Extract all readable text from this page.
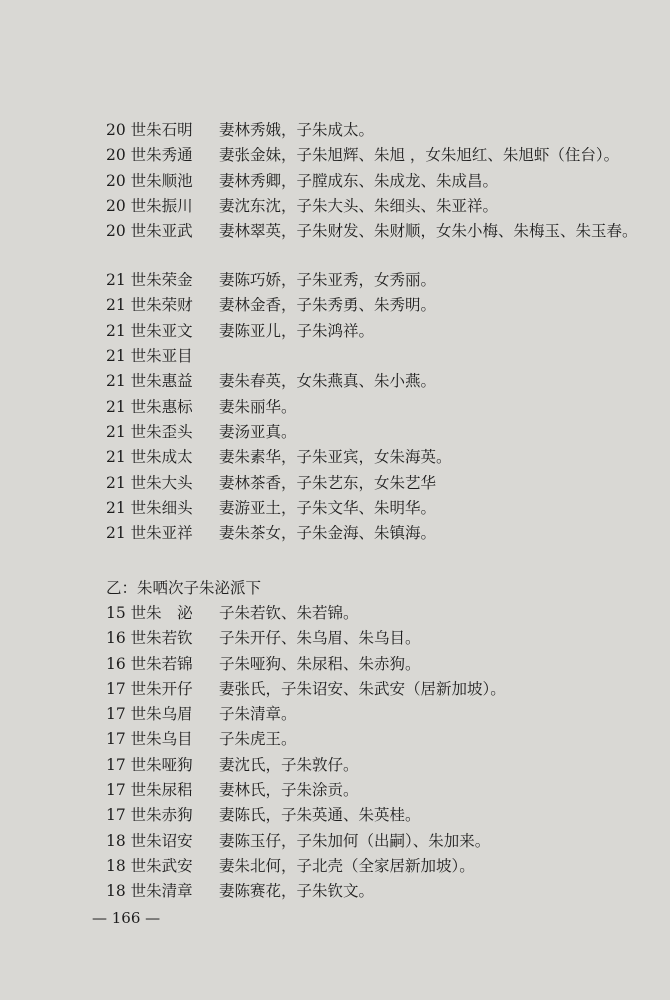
20 世朱石明 妻林秀娥，子朱成太。
20 世朱秀通 妻张金妹，子朱旭辉、朱旭 ，女朱旭红、朱旭虾（住台）。
20 世朱顺池 妻林秀卿，子膛成东、朱成龙、朱成昌。
20 世朱振川 妻沈东沈，子朱大头、朱细头、朱亚祥。
20 世朱亚武 妻林翠英，子朱财发、朱财顺，女朱小梅、朱梅玉、朱玉春。
21 世朱荣金 妻陈巧娇，子朱亚秀，女秀丽。
21 世朱荣财 妻林金香，子朱秀勇、朱秀明。
21 世朱亚文 妻陈亚儿，子朱鸿祥。
21 世朱亚目
21 世朱惠益 妻朱春英，女朱燕真、朱小燕。
21 世朱惠标 妻朱丽华。
21 世朱歪头 妻汤亚真。
21 世朱成太 妻朱素华，子朱亚宾，女朱海英。
21 世朱大头 妻林茶香，子朱艺东，女朱艺华
21 世朱细头 妻游亚土，子朱文华、朱明华。
21 世朱亚祥 妻朱茶女，子朱金海、朱镇海。
乙：朱哂次子朱泌派下
15 世朱　泌 子朱若钦、朱若锦。
16 世朱若钦 子朱开仔、朱乌眉、朱乌目。
16 世朱若锦 子朱哑狗、朱尿稆、朱赤狗。
17 世朱开仔 妻张氏，子朱诏安、朱武安（居新加坡）。
17 世朱乌眉 子朱清章。
17 世朱乌目 子朱虎王。
17 世朱哑狗 妻沈氏，子朱敦仔。
17 世朱尿稆 妻林氏，子朱涂贡。
17 世朱赤狗 妻陈氏，子朱英通、朱英桂。
18 世朱诏安 妻陈玉仔，子朱加何（出嗣）、朱加来。
18 世朱武安 妻朱北何，子北壳（全家居新加坡）。
18 世朱清章 妻陈赛花，子朱钦文。
— 166 —
